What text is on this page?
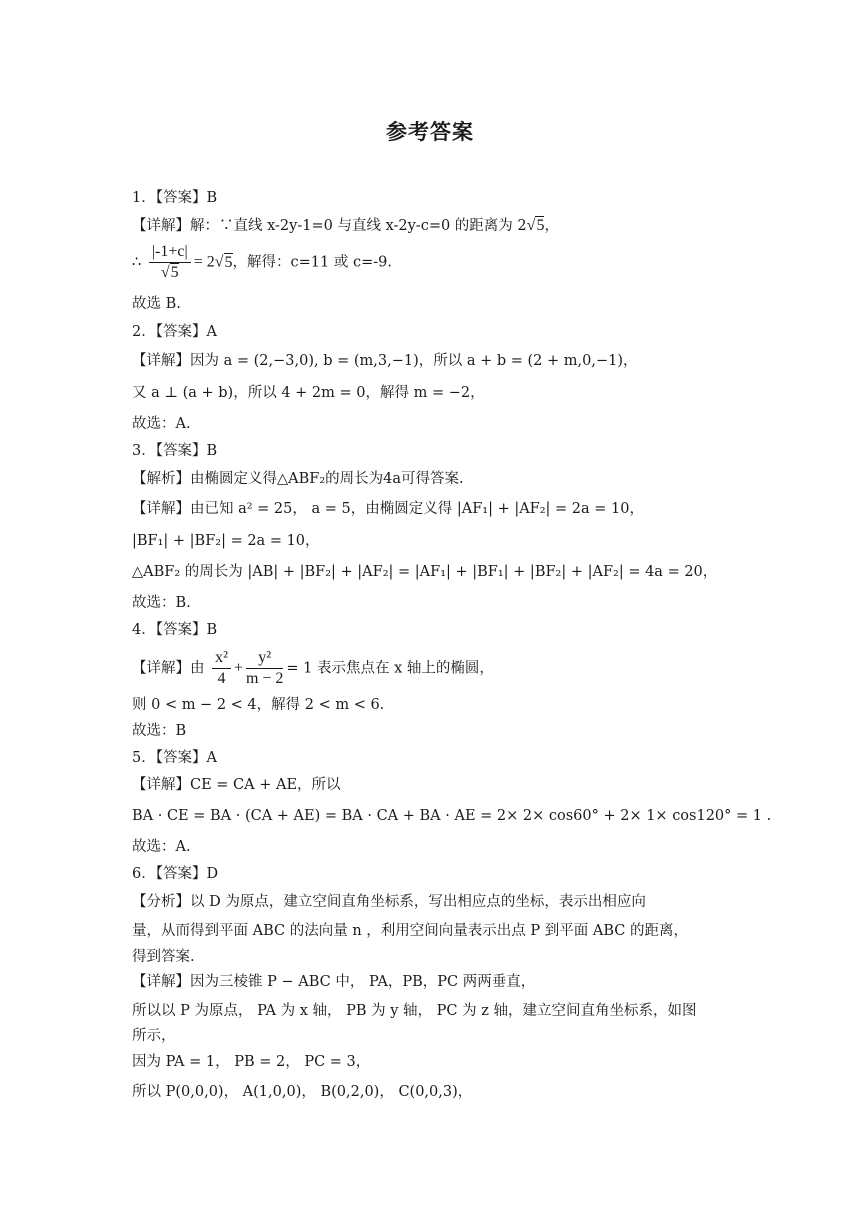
参考答案
1．【答案】B
【详解】解：∵直线 x-2y-1=0 与直线 x-2y-c=0 的距离为 2√5，
∴ $\frac{|-1+c|}{√5} = 2√5$，解得：c=11 或 c=-9.
故选 B.
2．【答案】A
【详解】因为 a = (2,−3,0), b = (m,3,−1)，所以 a + b = (2 + m,0,−1)，
又 a ⊥ (a + b)，所以 4 + 2m = 0，解得 m = −2，
故选：A.
3．【答案】B
【解析】由椭圆定义得△ABF₂的周长为4a可得答案.
【详解】由已知 a² = 25， a = 5，由椭圆定义得 |AF₁| + |AF₂| = 2a = 10，
|BF₁| + |BF₂| = 2a = 10，
△ABF₂ 的周长为 |AB| + |BF₂| + |AF₂| = |AF₁| + |BF₁| + |BF₂| + |AF₂| = 4a = 20，
故选：B.
4．【答案】B
【详解】由 $\frac{\text{x²}}{4} + \frac{\text{y²}}{m - 2} = 1$ 表示焦点在 x 轴上的椭圆，
则 0 < m − 2 < 4，解得 2 < m < 6.
故选：B
5．【答案】A
【详解】CE = CA + AE，所以
BA · CE = BA · (CA + AE) = BA · CA + BA · AE = 2× 2× cos60° + 2× 1× cos120° = 1 .
故选：A.
6．【答案】D
【分析】以 D 为原点，建立空间直角坐标系，写出相应点的坐标，表示出相应向
量，从而得到平面 ABC 的法向量 n ，利用空间向量表示出点 P 到平面 ABC 的距离，
得到答案.
【详解】因为三棱锥 P − ABC 中， PA，PB，PC 两两垂直，
所以以 P 为原点， PA 为 x 轴， PB 为 y 轴， PC 为 z 轴，建立空间直角坐标系，如图
所示，
因为 PA = 1， PB = 2， PC = 3，
所以 P(0,0,0)， A(1,0,0)， B(0,2,0)， C(0,0,3)，
